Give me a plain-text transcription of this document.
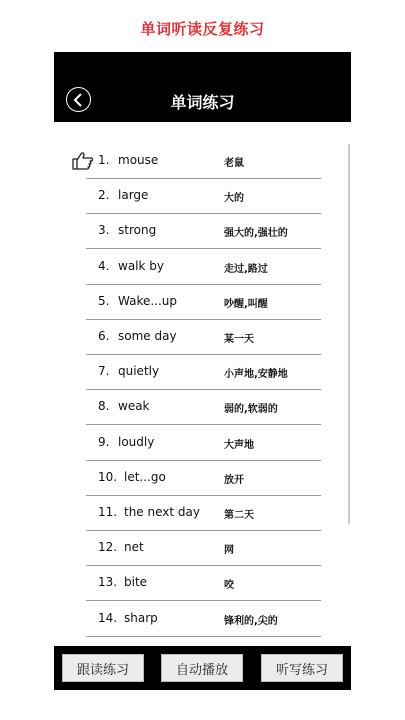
单词听读反复练习
单词练习
1. mouse	老鼠
2. large	大的
3. strong	强大的,强壮的
4. walk by	走过,路过
5. Wake...up	吵醒,叫醒
6. some day	某一天
7. quietly	小声地,安静地
8. weak	弱的,软弱的
9. loudly	大声地
10. let...go	放开
11. the next day 第二天
12. net	网
13. bite	咬
14. sharp	锋利的,尖的
跟读练习	自动播放	听写练习
